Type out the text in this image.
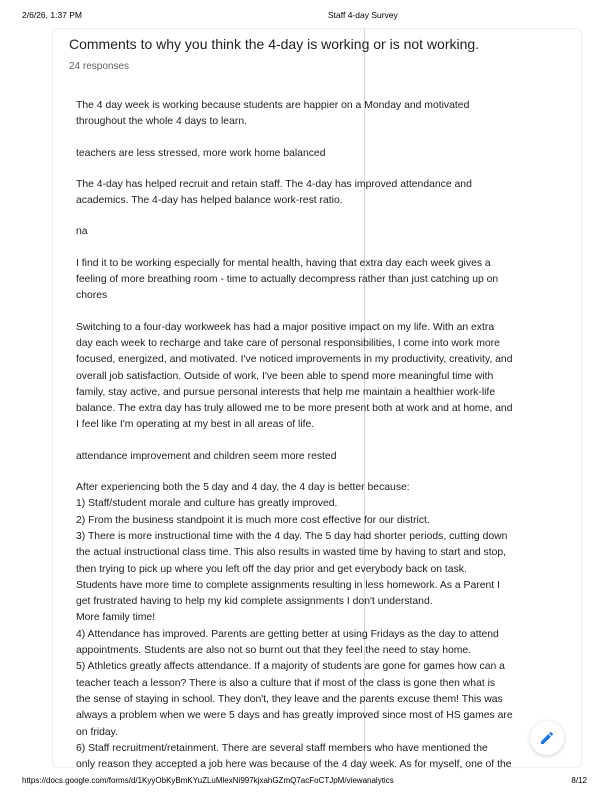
2/6/26, 1:37 PM	Staff 4-day Survey
Comments to why you think the 4-day is working or is not working.
24 responses

The 4 day week is working because students are happier on a Monday and motivated
throughout the whole 4 days to learn.

teachers are less stressed, more work home balanced

The 4-day has helped recruit and retain staff. The 4-day has improved attendance and
academics. The 4-day has helped balance work-rest ratio.

na

I find it to be working especially for mental health, having that extra day each week gives a
feeling of more breathing room - time to actually decompress rather than just catching up on
chores

Switching to a four-day workweek has had a major positive impact on my life. With an extra
day each week to recharge and take care of personal responsibilities, I come into work more
focused, energized, and motivated. I've noticed improvements in my productivity, creativity, and
overall job satisfaction. Outside of work, I've been able to spend more meaningful time with
family, stay active, and pursue personal interests that help me maintain a healthier work-life
balance. The extra day has truly allowed me to be more present both at work and at home, and
I feel like I'm operating at my best in all areas of life.

attendance improvement and children seem more rested

After experiencing both the 5 day and 4 day, the 4 day is better because:
1) Staff/student morale and culture has greatly improved.
2) From the business standpoint it is much more cost effective for our district.
3) There is more instructional time with the 4 day. The 5 day had shorter periods, cutting down
the actual instructional class time. This also results in wasted time by having to start and stop,
then trying to pick up where you left off the day prior and get everybody back on task.
Students have more time to complete assignments resulting in less homework. As a Parent I
get frustrated having to help my kid complete assignments I don't understand.
More family time!
4) Attendance has improved. Parents are getting better at using Fridays as the day to attend
appointments. Students are also not so burnt out that they feel the need to stay home.
5) Athletics greatly affects attendance. If a majority of students are gone for games how can a
teacher teach a lesson? There is also a culture that if most of the class is gone then what is
the sense of staying in school. They don't, they leave and the parents excuse them! This was
always a problem when we were 5 days and has greatly improved since most of HS games are
on friday.
6) Staff recruitment/retainment. There are several staff members who have mentioned the
only reason they accepted a job here was because of the 4 day week. As for myself, one of the

https://docs.google.com/forms/d/1KyyObKyBmKYuZLuMlexNi997kjxahGZmQ7acFoCTJpM/viewanalytics	8/12
